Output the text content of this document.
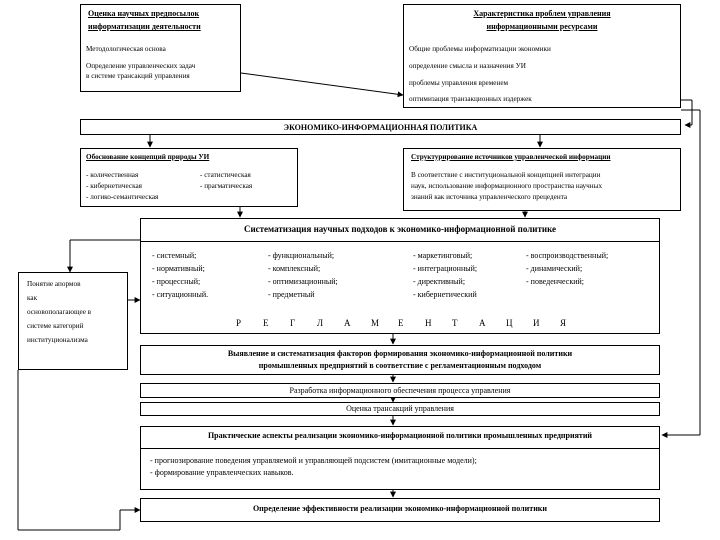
Оценка научных предпосылок
информатизации деятельности
Методологическая основа
Определение управленческих задач
в системе трансакций управления
Характеристика проблем управления
информационными ресурсами
Общие проблемы информатизации экономики
определение смысла и назначения УИ
проблемы управления временем
оптимизация транзакционных издержек
ЭКОНОМИКО-ИНФОРМАЦИОННАЯ ПОЛИТИКА
Обоснование концепций природы УИ
- количественная
- кибернетическая
- логико-семантическая
- статистическая
- прагматическая
Структурирование источников управленческой информации
В соответствие с институциональной концепцией интеграции
наук, использование информационного пространства научных
знаний как источника управленческого прецедента
Систематизация научных подходов к экономико-информационной политике
- системный;
- нормативный;
- процессный;
- ситуационный.
- функциональный;
- комплексный;
- оптимизационный;
- предметный
- маркетинговый;
- интеграционный;
- директивный;
- кибернетический
- воспроизводственный;
- динамический;
- поведенческий;
Р Е Г Л А М Е Н Т А Ц И Я
Понятие апормов
как
основополагающее в
системе категорий
институционализма
Выявление и систематизация факторов формирования экономико-информационной политики
промышленных предприятий в соответствие с регламентационным подходом
Разработка информационного обеспечения процесса управления
Оценка трансакций управления
Практические аспекты реализации экономико-информационной политики промышленных предприятий
- прогнозирование поведения управляемой и управляющей подсистем (имитационные модели);
- формирование управленческих навыков.
Определение эффективности реализации экономико-информационной политики
